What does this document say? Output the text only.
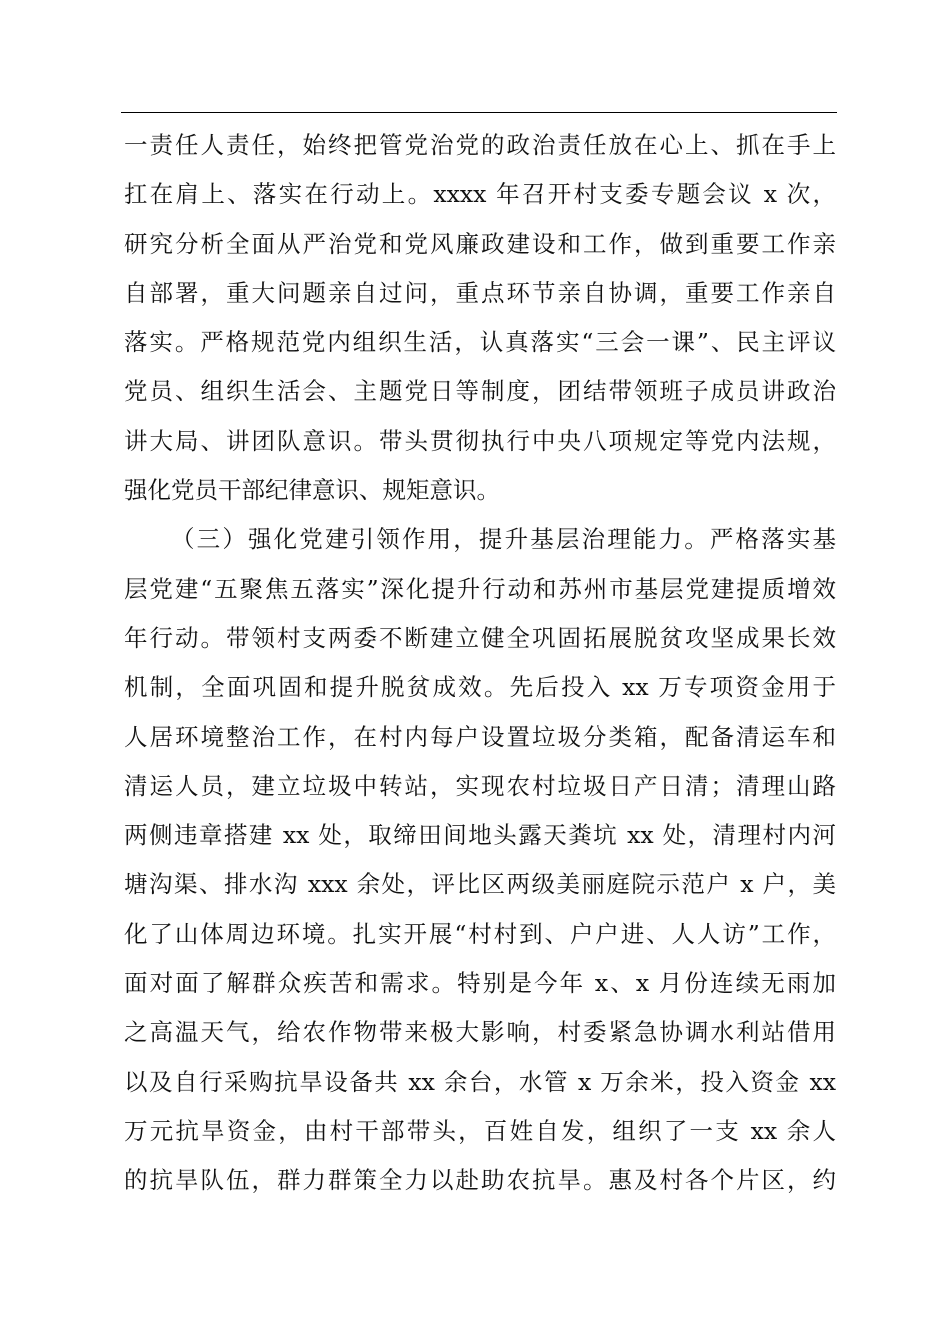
一责任人责任，始终把管党治党的政治责任放在心上、抓在手上
扛在肩上、落实在行动上。xxxx 年召开村支委专题会议 x 次，
研究分析全面从严治党和党风廉政建设和工作，做到重要工作亲
自部署，重大问题亲自过问，重点环节亲自协调，重要工作亲自
落实。严格规范党内组织生活，认真落实“三会一课”、民主评议
党员、组织生活会、主题党日等制度，团结带领班子成员讲政治
讲大局、讲团队意识。带头贯彻执行中央八项规定等党内法规，
强化党员干部纪律意识、规矩意识。
（三）强化党建引领作用，提升基层治理能力。严格落实基
层党建“五聚焦五落实”深化提升行动和苏州市基层党建提质增效
年行动。带领村支两委不断建立健全巩固拓展脱贫攻坚成果长效
机制，全面巩固和提升脱贫成效。先后投入 xx 万专项资金用于
人居环境整治工作，在村内每户设置垃圾分类箱，配备清运车和
清运人员，建立垃圾中转站，实现农村垃圾日产日清；清理山路
两侧违章搭建 xx 处，取缔田间地头露天粪坑 xx 处，清理村内河
塘沟渠、排水沟 xxx 余处，评比区两级美丽庭院示范户 x 户，美
化了山体周边环境。扎实开展“村村到、户户进、人人访”工作，
面对面了解群众疾苦和需求。特别是今年 x、x 月份连续无雨加
之高温天气，给农作物带来极大影响，村委紧急协调水利站借用
以及自行采购抗旱设备共 xx 余台，水管 x 万余米，投入资金 xx
万元抗旱资金，由村干部带头，百姓自发，组织了一支 xx 余人
的抗旱队伍，群力群策全力以赴助农抗旱。惠及村各个片区，约
